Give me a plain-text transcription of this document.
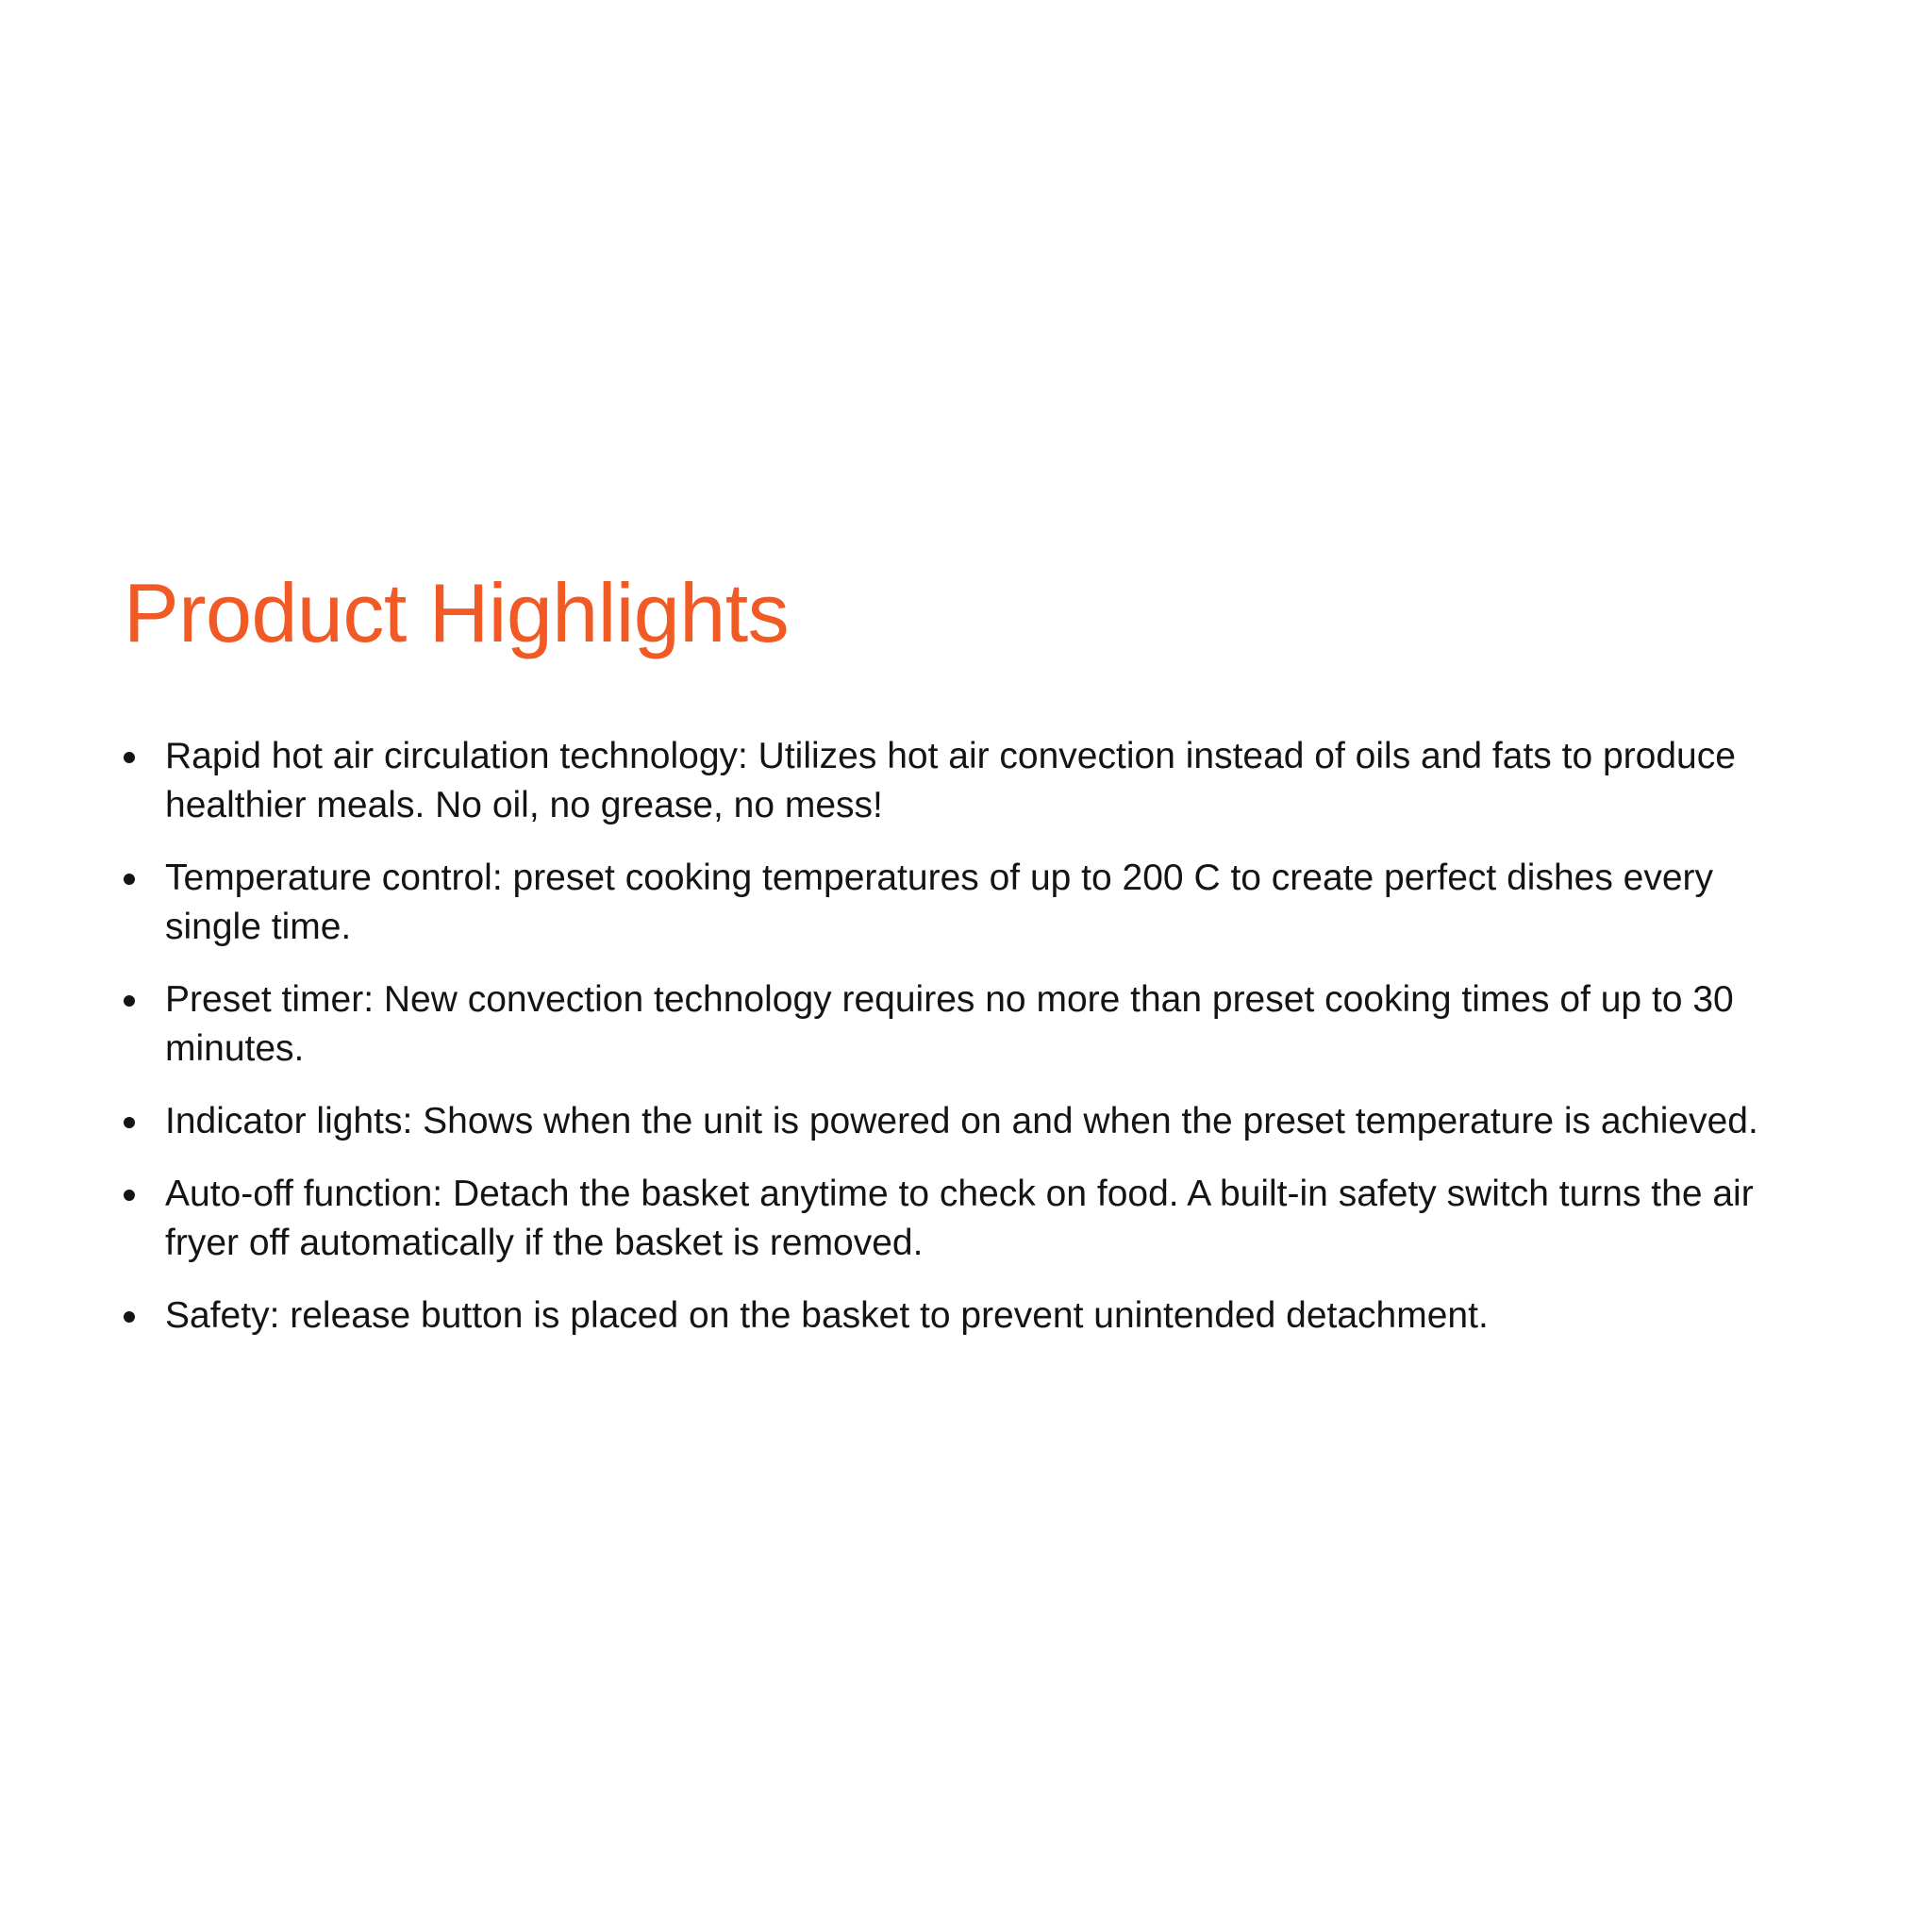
Product Highlights
Rapid hot air circulation technology: Utilizes hot air convection instead of oils and fats to produce healthier meals. No oil, no grease, no mess!
Temperature control: preset cooking temperatures of up to 200 C to create perfect dishes every single time.
Preset timer: New convection technology requires no more than preset cooking times of up to 30 minutes.
Indicator lights: Shows when the unit is powered on and when the preset temperature is achieved.
Auto-off function: Detach the basket anytime to check on food. A built-in safety switch turns the air fryer off automatically if the basket is removed.
Safety: release button is placed on the basket to prevent unintended detachment.
